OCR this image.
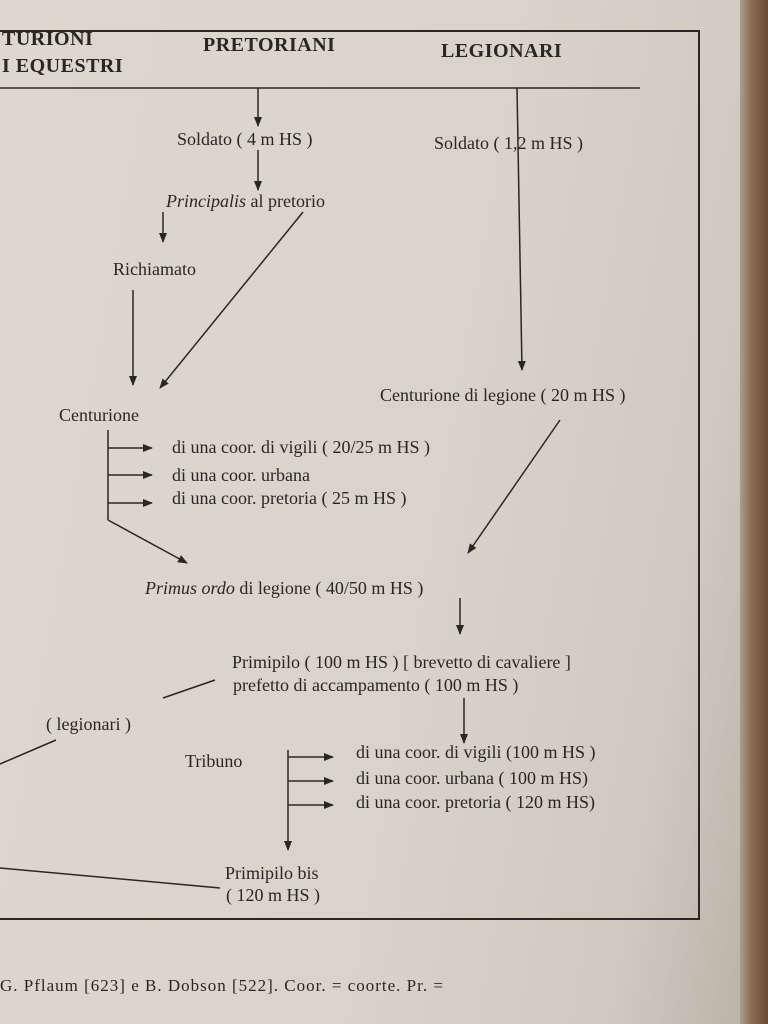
TURIONI
I EQUESTRI
PRETORIANI	LEGIONARI
Soldato ( 4 m HS )	Soldato ( 1,2 m HS )
Principalis al pretorio
Richiamato
Centurione
Centurione di legione ( 20 m HS )
di una coor. di vigili ( 20/25 m HS )
di una coor. urbana
di una coor. pretoria ( 25 m HS )
Primus ordo di legione ( 40/50 m HS )
Primipilo ( 100 m HS ) [ brevetto di cavaliere ]
prefetto di accampamento ( 100 m HS )
( legionari )
Tribuno	di una coor. di vigili (100 m HS )
di una coor. urbana ( 100 m HS)
di una coor. pretoria ( 120 m HS)
Primipilo bis
( 120 m HS )
G. Pflaum [623] e B. Dobson [522]. Coor. = coorte. Pr. =
